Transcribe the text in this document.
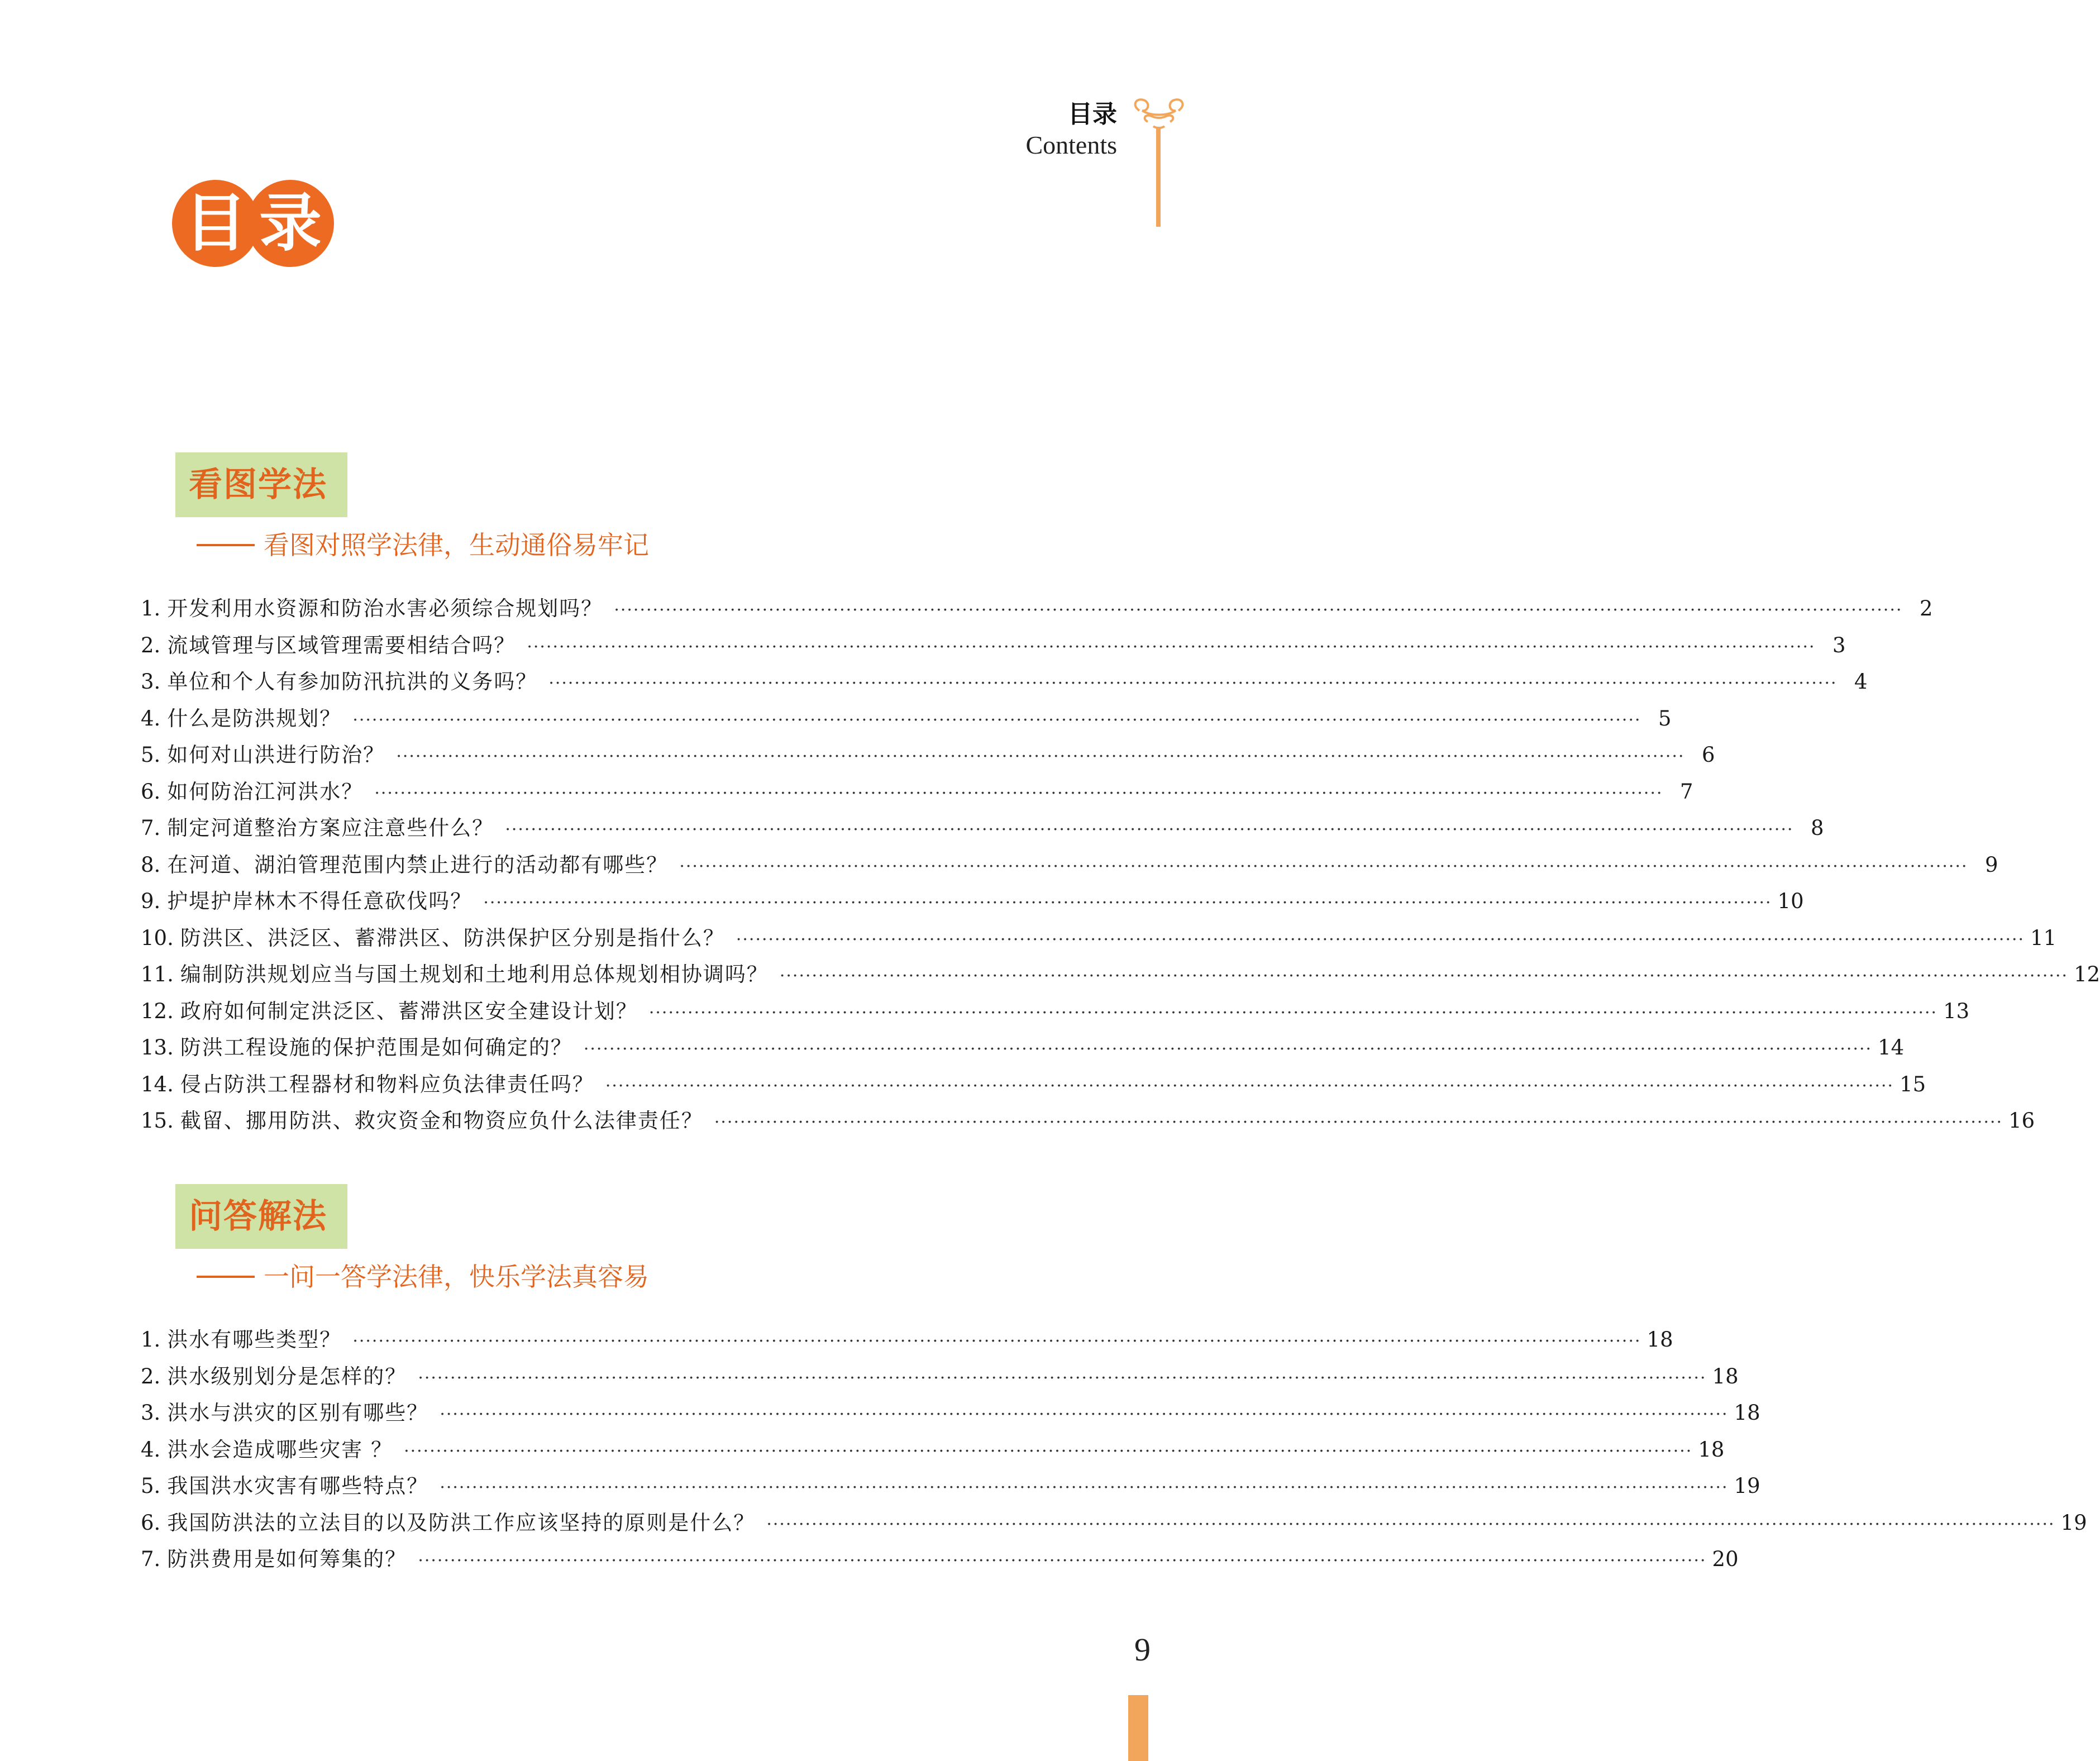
目录
Contents
目 录
看图学法
看图对照学法律，生动通俗易牢记
1. 开发利用水资源和防治水害必须综合规划吗？ ········································································································································································································ 2
2. 流域管理与区域管理需要相结合吗？ ········································································································································································································ 3
3. 单位和个人有参加防汛抗洪的义务吗？ ········································································································································································································ 4
4. 什么是防洪规划？ ········································································································································································································ 5
5. 如何对山洪进行防治？ ········································································································································································································ 6
6. 如何防治江河洪水？ ········································································································································································································ 7
7. 制定河道整治方案应注意些什么？ ········································································································································································································ 8
8. 在河道、湖泊管理范围内禁止进行的活动都有哪些？ ········································································································································································································ 9
9. 护堤护岸林木不得任意砍伐吗？ ········································································································································································································ 10
10. 防洪区、洪泛区、蓄滞洪区、防洪保护区分别是指什么？ ········································································································································································································ 11
11. 编制防洪规划应当与国土规划和土地利用总体规划相协调吗？ ········································································································································································································ 12
12. 政府如何制定洪泛区、蓄滞洪区安全建设计划？ ········································································································································································································ 13
13. 防洪工程设施的保护范围是如何确定的？ ········································································································································································································ 14
14. 侵占防洪工程器材和物料应负法律责任吗？ ········································································································································································································ 15
15. 截留、挪用防洪、救灾资金和物资应负什么法律责任？ ········································································································································································································ 16
问答解法
一问一答学法律，快乐学法真容易
1. 洪水有哪些类型？ ········································································································································································································ 18
2. 洪水级别划分是怎样的？ ········································································································································································································ 18
3. 洪水与洪灾的区别有哪些？ ········································································································································································································ 18
4. 洪水会造成哪些灾害 ？ ········································································································································································································ 18
5. 我国洪水灾害有哪些特点？ ········································································································································································································ 19
6. 我国防洪法的立法目的以及防洪工作应该坚持的原则是什么？ ········································································································································································································ 19
7. 防洪费用是如何筹集的？ ········································································································································································································ 20
9
